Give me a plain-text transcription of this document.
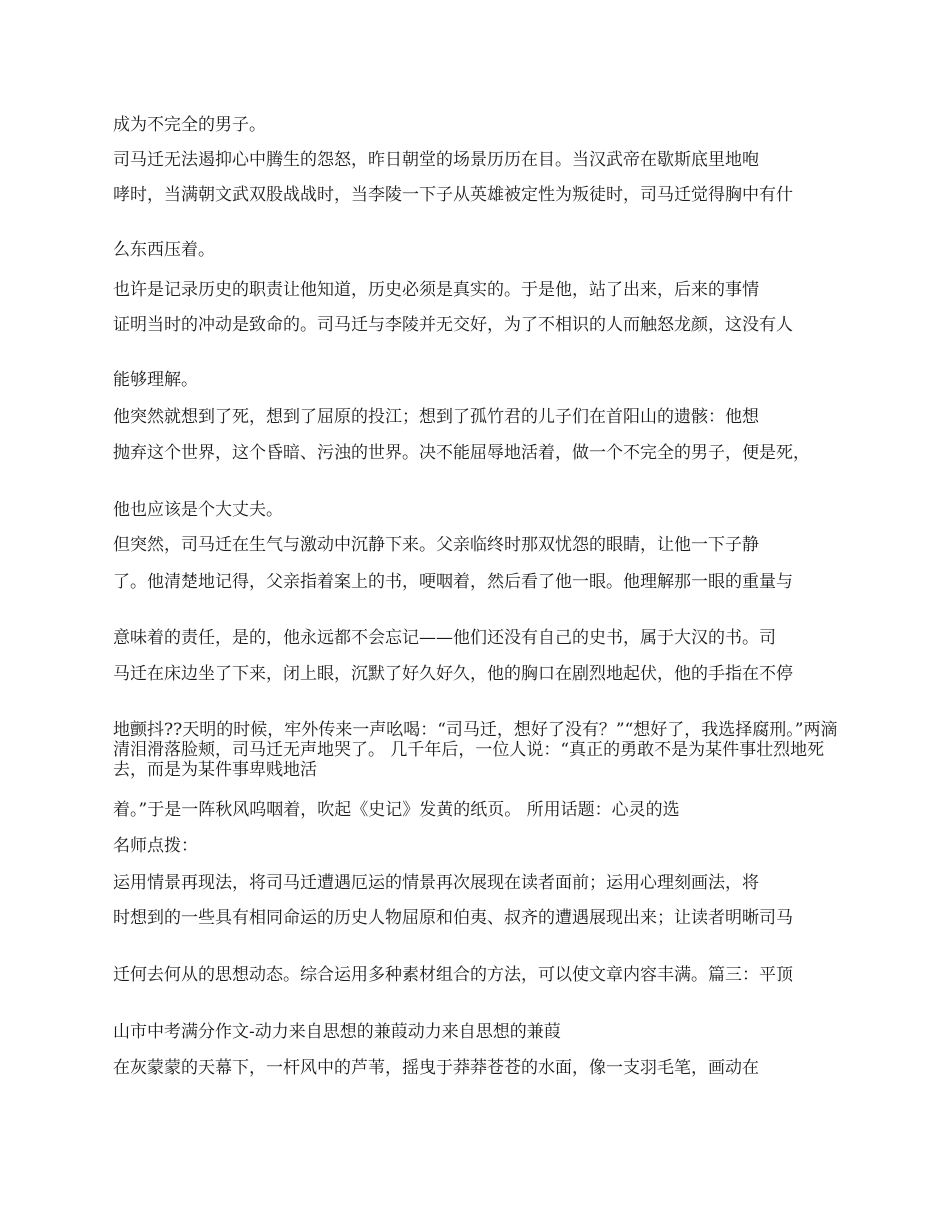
成为不完全的男子。
司马迁无法遏抑心中腾生的怨怒，昨日朝堂的场景历历在目。当汉武帝在歇斯底里地咆
哮时，当满朝文武双股战战时，当李陵一下子从英雄被定性为叛徒时，司马迁觉得胸中有什
么东西压着。
也许是记录历史的职责让他知道，历史必须是真实的。于是他，站了出来，后来的事情
证明当时的冲动是致命的。司马迁与李陵并无交好，为了不相识的人而触怒龙颜，这没有人
能够理解。
他突然就想到了死，想到了屈原的投江；想到了孤竹君的儿子们在首阳山的遗骸：他想
抛弃这个世界，这个昏暗、污浊的世界。决不能屈辱地活着，做一个不完全的男子，便是死，
他也应该是个大丈夫。
但突然，司马迁在生气与激动中沉静下来。父亲临终时那双忧怨的眼睛，让他一下子静
了。他清楚地记得，父亲指着案上的书，哽咽着，然后看了他一眼。他理解那一眼的重量与
意味着的责任，是的，他永远都不会忘记——他们还没有自己的史书，属于大汉的书。司
马迁在床边坐了下来，闭上眼，沉默了好久好久，他的胸口在剧烈地起伏，他的手指在不停
地颤抖??天明的时候，牢外传来一声吆喝：“司马迁，想好了没有？”“想好了，我选择腐刑。”两滴清泪滑落脸颊，司马迁无声地哭了。 几千年后，一位人说：“真正的勇敢不是为某件事壮烈地死去，而是为某件事卑贱地活
着。”于是一阵秋风呜咽着，吹起《史记》发黄的纸页。 所用话题：心灵的选
名师点拨：
运用情景再现法，将司马迁遭遇厄运的情景再次展现在读者面前；运用心理刻画法，将
时想到的一些具有相同命运的历史人物屈原和伯夷、叔齐的遭遇展现出来；让读者明晰司马
迁何去何从的思想动态。综合运用多种素材组合的方法，可以使文章内容丰满。篇三：平顶
山市中考满分作文-动力来自思想的兼葭动力来自思想的兼葭
在灰蒙蒙的天幕下，一杆风中的芦苇，摇曳于莽莽苍苍的水面，像一支羽毛笔，画动在
